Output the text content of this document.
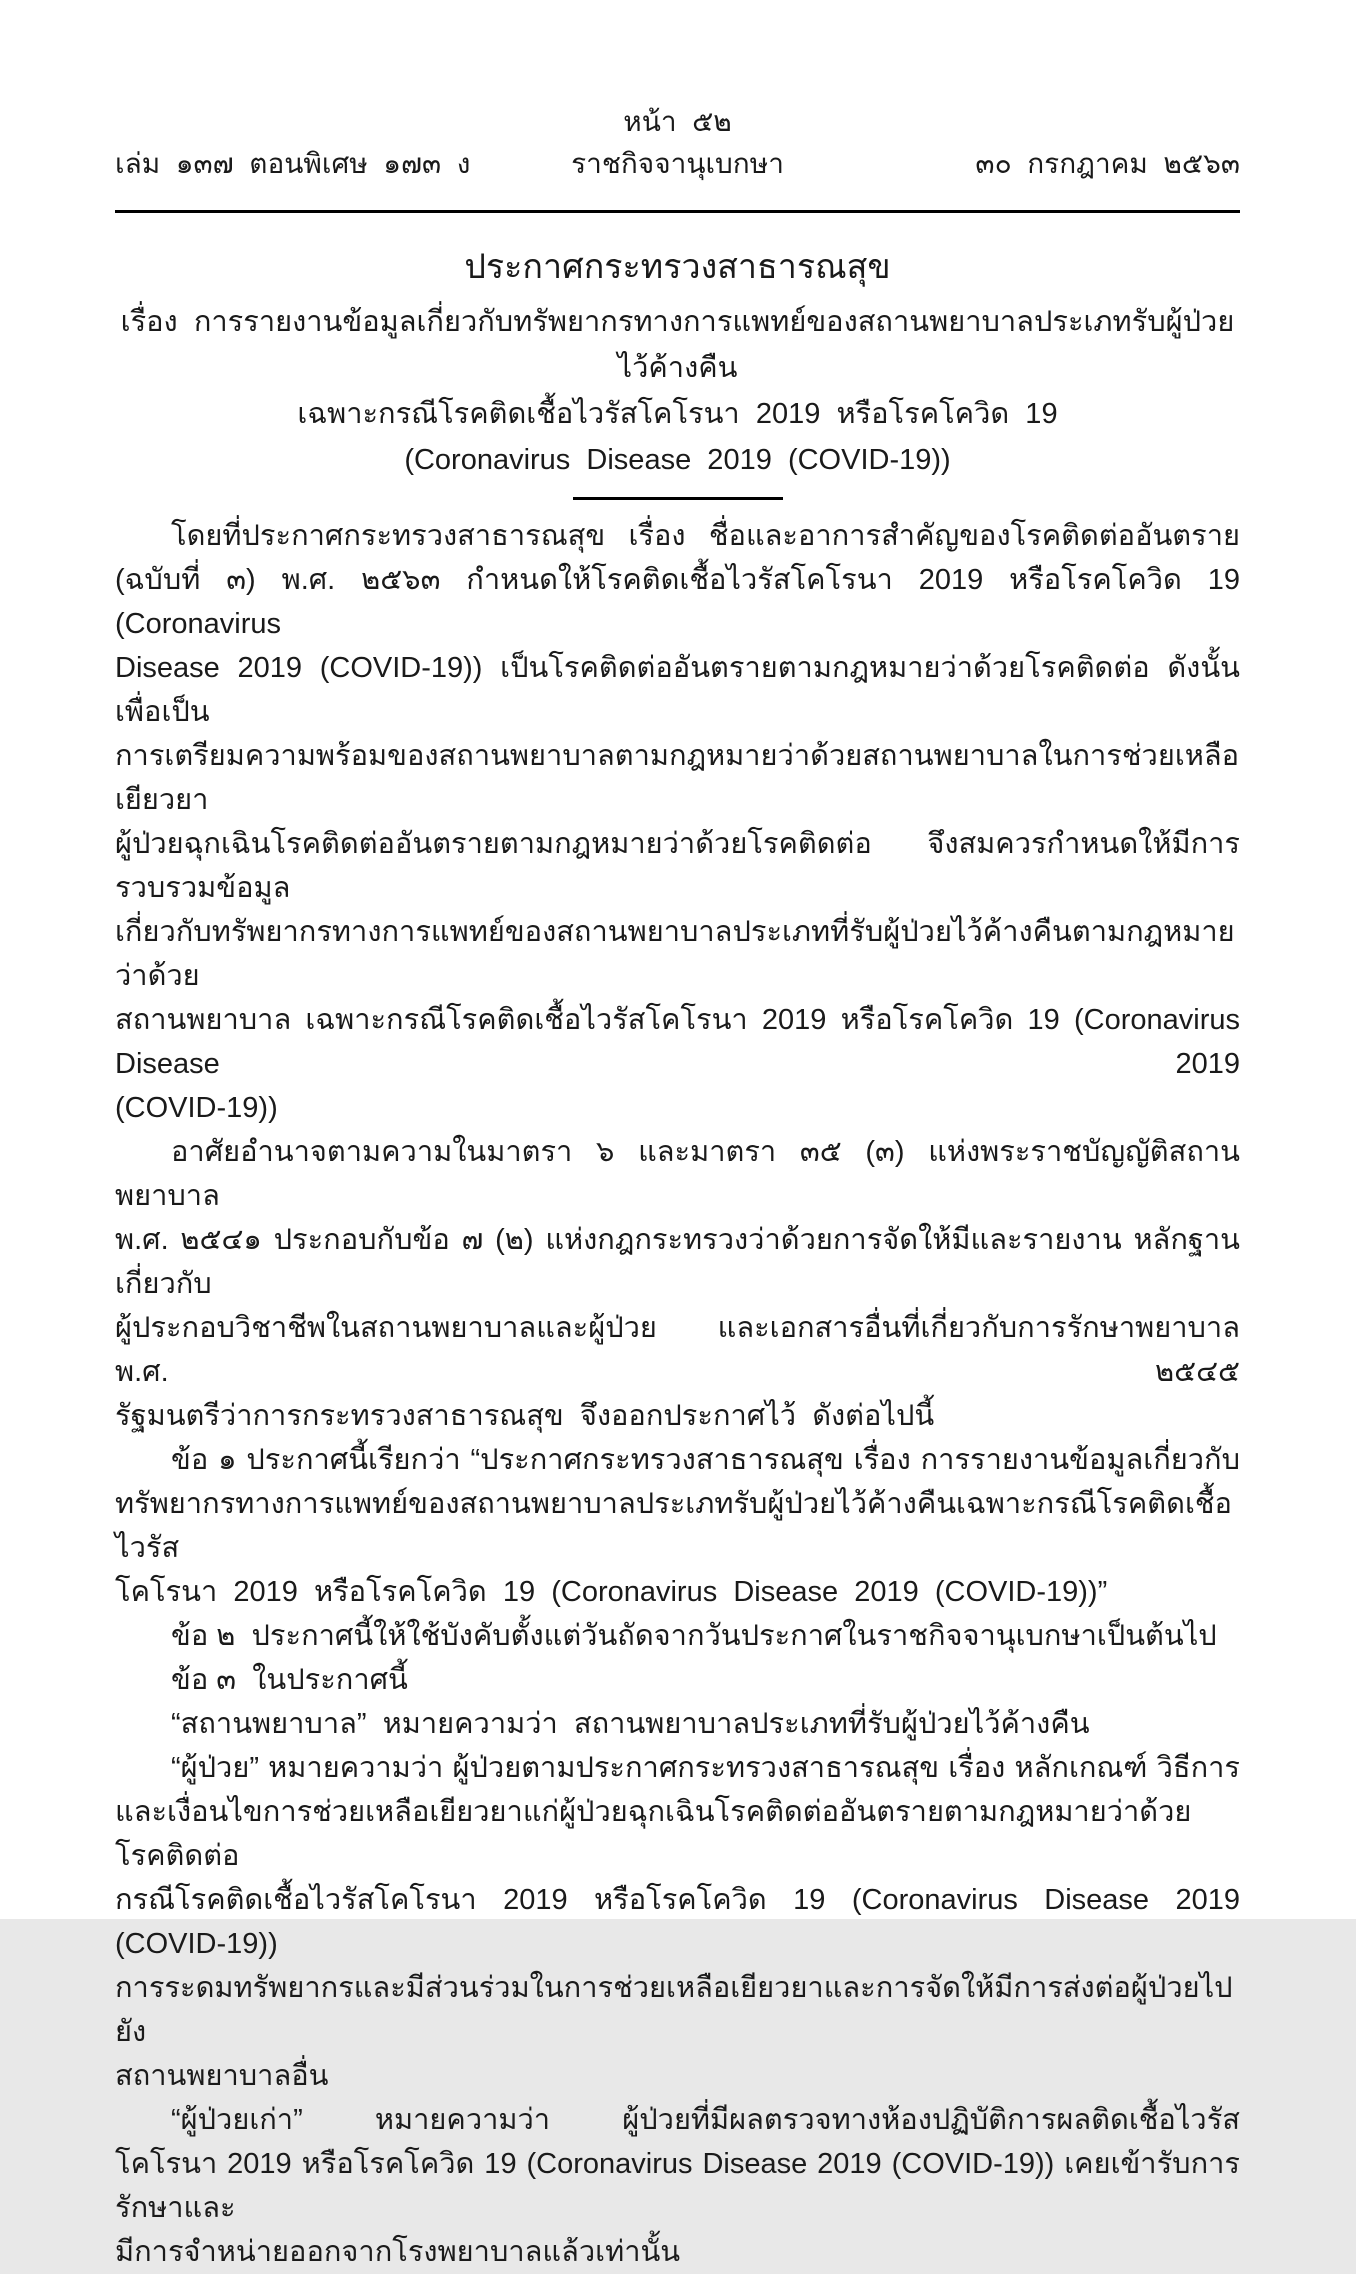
หน้า  ๕๒
เล่ม  ๑๓๗  ตอนพิเศษ  ๑๗๓  ง	ราชกิจจานุเบกษา	๓๐  กรกฎาคม  ๒๕๖๓
ประกาศกระทรวงสาธารณสุข
เรื่อง  การรายงานข้อมูลเกี่ยวกับทรัพยากรทางการแพทย์ของสถานพยาบาลประเภทรับผู้ป่วยไว้ค้างคืน
เฉพาะกรณีโรคติดเชื้อไวรัสโคโรนา  2019  หรือโรคโควิด  19
(Coronavirus  Disease  2019  (COVID-19))
โดยที่ประกาศกระทรวงสาธารณสุข เรื่อง ชื่อและอาการสำคัญของโรคติดต่ออันตราย
(ฉบับที่ ๓) พ.ศ. ๒๕๖๓ กำหนดให้โรคติดเชื้อไวรัสโคโรนา 2019 หรือโรคโควิด 19 (Coronavirus
Disease 2019 (COVID-19)) เป็นโรคติดต่ออันตรายตามกฎหมายว่าด้วยโรคติดต่อ ดังนั้น เพื่อเป็น
การเตรียมความพร้อมของสถานพยาบาลตามกฎหมายว่าด้วยสถานพยาบาลในการช่วยเหลือเยียวยา
ผู้ป่วยฉุกเฉินโรคติดต่ออันตรายตามกฎหมายว่าด้วยโรคติดต่อ จึงสมควรกำหนดให้มีการรวบรวมข้อมูล
เกี่ยวกับทรัพยากรทางการแพทย์ของสถานพยาบาลประเภทที่รับผู้ป่วยไว้ค้างคืนตามกฎหมายว่าด้วย
สถานพยาบาล เฉพาะกรณีโรคติดเชื้อไวรัสโคโรนา 2019 หรือโรคโควิด 19 (Coronavirus Disease 2019
(COVID-19))
อาศัยอำนาจตามความในมาตรา ๖ และมาตรา ๓๕ (๓) แห่งพระราชบัญญัติสถานพยาบาล
พ.ศ. ๒๕๔๑ ประกอบกับข้อ ๗ (๒) แห่งกฎกระทรวงว่าด้วยการจัดให้มีและรายงาน หลักฐานเกี่ยวกับ
ผู้ประกอบวิชาชีพในสถานพยาบาลและผู้ป่วย และเอกสารอื่นที่เกี่ยวกับการรักษาพยาบาล พ.ศ. ๒๕๔๕
รัฐมนตรีว่าการกระทรวงสาธารณสุข  จึงออกประกาศไว้  ดังต่อไปนี้
ข้อ ๑ ประกาศนี้เรียกว่า “ประกาศกระทรวงสาธารณสุข เรื่อง การรายงานข้อมูลเกี่ยวกับ
ทรัพยากรทางการแพทย์ของสถานพยาบาลประเภทรับผู้ป่วยไว้ค้างคืนเฉพาะกรณีโรคติดเชื้อไวรัส
โคโรนา  2019  หรือโรคโควิด  19  (Coronavirus  Disease  2019  (COVID-19))”
ข้อ ๒  ประกาศนี้ให้ใช้บังคับตั้งแต่วันถัดจากวันประกาศในราชกิจจานุเบกษาเป็นต้นไป
ข้อ ๓  ในประกาศนี้
“สถานพยาบาล”  หมายความว่า  สถานพยาบาลประเภทที่รับผู้ป่วยไว้ค้างคืน
“ผู้ป่วย” หมายความว่า ผู้ป่วยตามประกาศกระทรวงสาธารณสุข เรื่อง หลักเกณฑ์ วิธีการ
และเงื่อนไขการช่วยเหลือเยียวยาแก่ผู้ป่วยฉุกเฉินโรคติดต่ออันตรายตามกฎหมายว่าด้วยโรคติดต่อ
กรณีโรคติดเชื้อไวรัสโคโรนา 2019 หรือโรคโควิด 19 (Coronavirus Disease 2019 (COVID-19))
การระดมทรัพยากรและมีส่วนร่วมในการช่วยเหลือเยียวยาและการจัดให้มีการส่งต่อผู้ป่วยไปยัง
สถานพยาบาลอื่น
“ผู้ป่วยเก่า” หมายความว่า ผู้ป่วยที่มีผลตรวจทางห้องปฏิบัติการผลติดเชื้อไวรัส
โคโรนา 2019 หรือโรคโควิด 19 (Coronavirus Disease 2019 (COVID-19)) เคยเข้ารับการรักษาและ
มีการจำหน่ายออกจากโรงพยาบาลแล้วเท่านั้น
